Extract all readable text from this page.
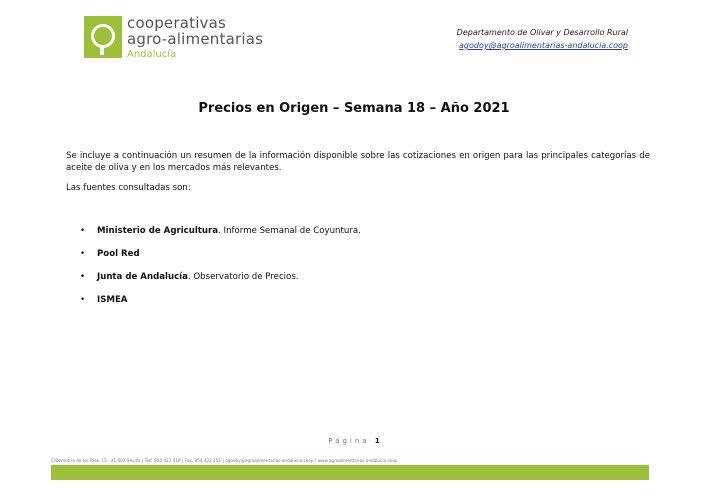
cooperativas
agro-alimentarias
Andalucía
Departamento de Olivar y Desarrollo Rural
agodoy@agroalimentarias-andalucia.coop
Precios en Origen – Semana 18 – Año 2021
Se incluye a continuación un resumen de la información disponible sobre las cotizaciones en origen para las principales categorías de aceite de oliva y en los mercados más relevantes.
Las fuentes consultadas son:
• Ministerio de Agricultura. Informe Semanal de Coyuntura.
• Pool Red
• Junta de Andalucía. Observatorio de Precios.
• ISMEA
Página 1
C/Demetrio de los Ríos, 15 · 41.003 Sevilla | Telf. 954 422 416 | Fax. 954 422 151 | agodoy@agroalimentarias-andalucia.coop | www.agroalimentarias-andalucia.coop
